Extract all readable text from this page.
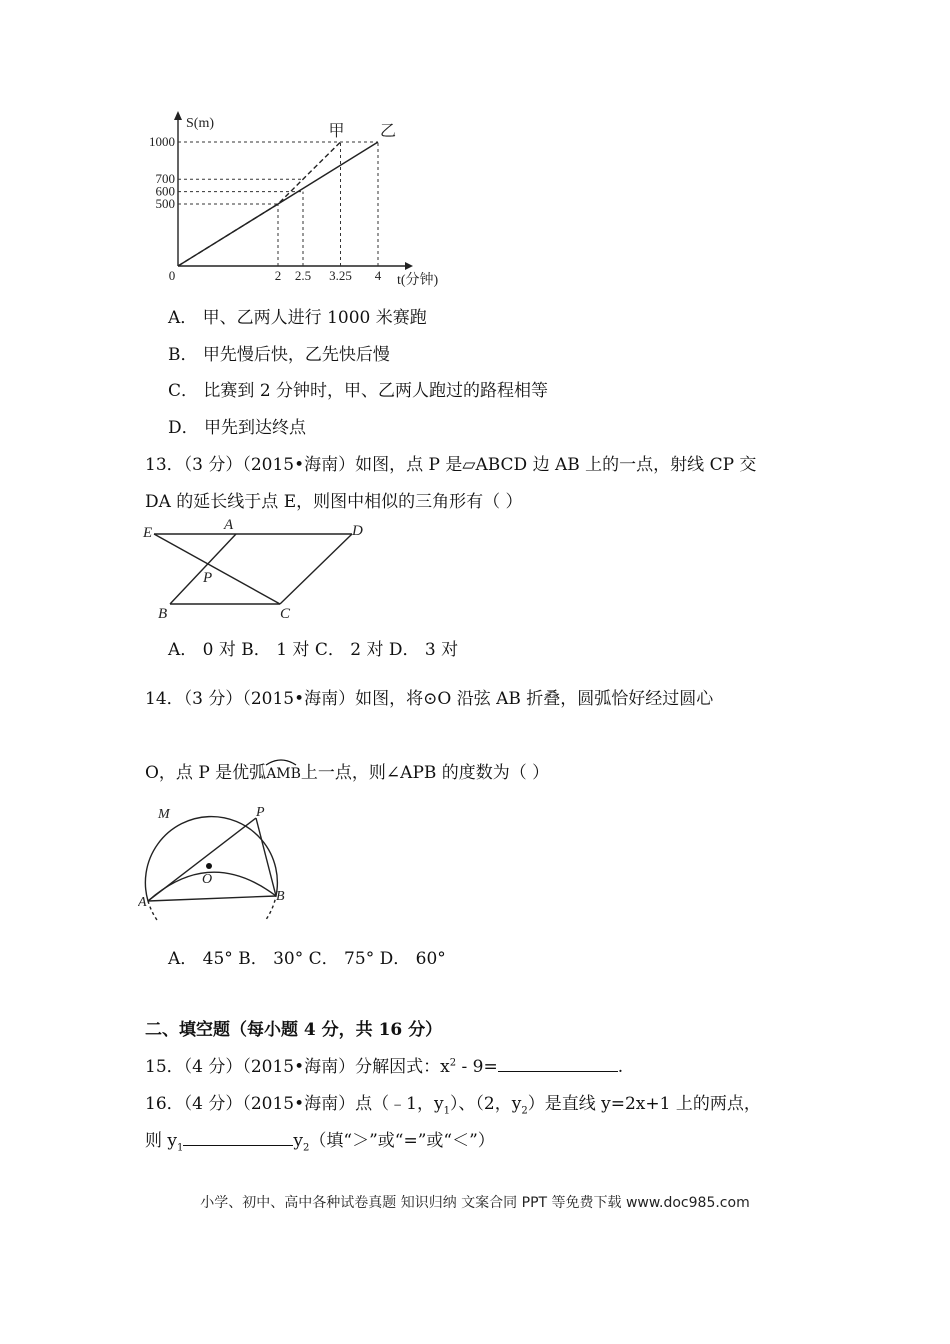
甲 乙
500
600
700
1000
0	2 2.5 3.25 4
S(m)
t(分钟)
A． 甲、乙两人进行 1000 米赛跑
B． 甲先慢后快，乙先快后慢
C． 比赛到 2 分钟时，甲、乙两人跑过的路程相等
D． 甲先到达终点
13．（3 分）（2015•海南）如图，点 P 是▱ABCD 边 AB 上的一点，射线 CP 交
DA 的延长线于点 E，则图中相似的三角形有（ ）
E	A	D
P
B	C
A． 0 对 B． 1 对 C． 2 对 D． 3 对
14．（3 分）（2015•海南）如图，将⊙O 沿弦 AB 折叠，圆弧恰好经过圆心
O，点 P 是优弧
AMB上一点，则∠APB 的度数为（ ）
M	P
O
A	B
A． 45° B． 30° C． 75° D． 60°
二、填空题（每小题 4 分，共 16 分）
15．（4 分）（2015•海南）分解因式：$x^2 - 9=$	.
16．（4 分）（2015•海南）点（﹣1，$y_1$）、（2，$y_2$）是直线 y=2x+1 上的两点，
则 $y_1$	$y_2$（填“＞”或“=”或“＜”）
小学、初中、高中各种试卷真题 知识归纳 文案合同 PPT 等免费下载 www.doc985.com
